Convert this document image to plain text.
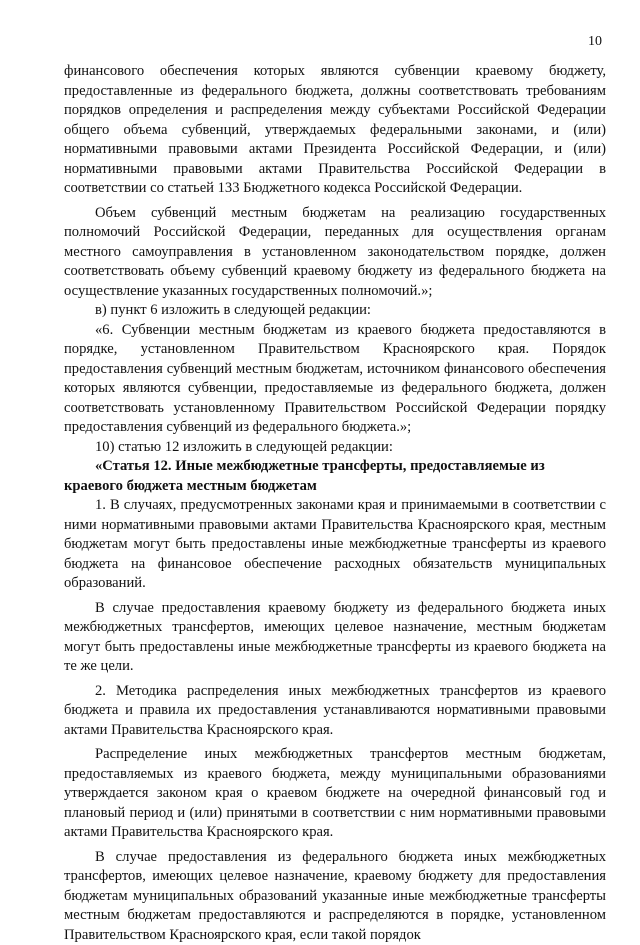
10

финансового обеспечения которых являются субвенции краевому бюджету, предоставленные из федерального бюджета, должны соответствовать требованиям порядков определения и распределения между субъектами Российской Федерации общего объема субвенций, утверждаемых федеральными законами, и (или) нормативными правовыми актами Президента Российской Федерации, и (или) нормативными правовыми актами Правительства Российской Федерации в соответствии со статьей 133 Бюджетного кодекса Российской Федерации.

Объем субвенций местным бюджетам на реализацию государственных полномочий Российской Федерации, переданных для осуществления органам местного самоуправления в установленном законодательством порядке, должен соответствовать объему субвенций краевому бюджету из федерального бюджета на осуществление указанных государственных полномочий.»;

в) пункт 6 изложить в следующей редакции:

«6. Субвенции местным бюджетам из краевого бюджета предоставляются в порядке, установленном Правительством Красноярского края. Порядок предоставления субвенций местным бюджетам, источником финансового обеспечения которых являются субвенции, предоставляемые из федерального бюджета, должен соответствовать установленному Правительством Российской Федерации порядку предоставления субвенций из федерального бюджета.»;

10) статью 12 изложить в следующей редакции:

«Статья 12. Иные межбюджетные трансферты, предоставляемые из краевого бюджета местным бюджетам

1. В случаях, предусмотренных законами края и принимаемыми в соответствии с ними нормативными правовыми актами Правительства Красноярского края, местным бюджетам могут быть предоставлены иные межбюджетные трансферты из краевого бюджета на финансовое обеспечение расходных обязательств муниципальных образований.

В случае предоставления краевому бюджету из федерального бюджета иных межбюджетных трансфертов, имеющих целевое назначение, местным бюджетам могут быть предоставлены иные межбюджетные трансферты из краевого бюджета на те же цели.

2. Методика распределения иных межбюджетных трансфертов из краевого бюджета и правила их предоставления устанавливаются нормативными правовыми актами Правительства Красноярского края.

Распределение иных межбюджетных трансфертов местным бюджетам, предоставляемых из краевого бюджета, между муниципальными образованиями утверждается законом края о краевом бюджете на очередной финансовый год и плановый период и (или) принятыми в соответствии с ним нормативными правовыми актами Правительства Красноярского края.

В случае предоставления из федерального бюджета иных межбюджетных трансфертов, имеющих целевое назначение, краевому бюджету для предоставления бюджетам муниципальных образований указанные иные межбюджетные трансферты местным бюджетам предоставляются и распределяются в порядке, установленном Правительством Красноярского края, если такой порядок
